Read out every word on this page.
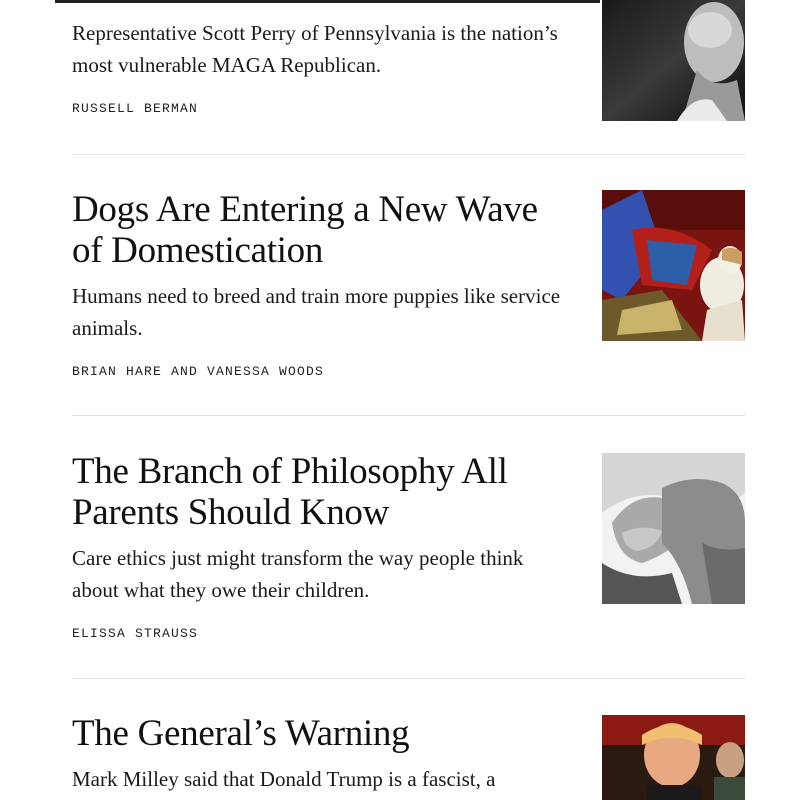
Representative Scott Perry of Pennsylvania is the nation’s most vulnerable MAGA Republican.

RUSSELL BERMAN

Dogs Are Entering a New Wave of Domestication

Humans need to breed and train more puppies like service animals.

BRIAN HARE AND VANESSA WOODS

The Branch of Philosophy All Parents Should Know

Care ethics just might transform the way people think about what they owe their children.

ELISSA STRAUSS

The General’s Warning

Mark Milley said that Donald Trump is a fascist, a
